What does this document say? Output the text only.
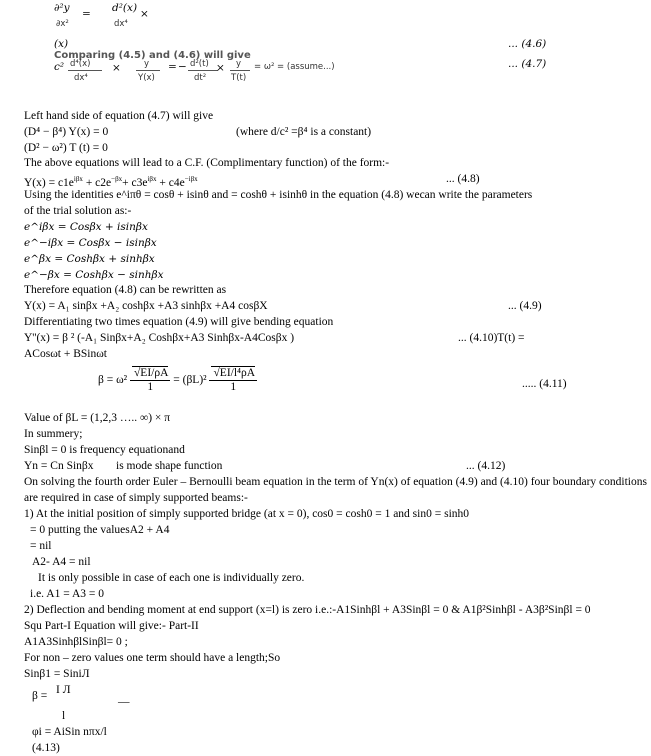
∂²y
∂x²
= d²(x)
dx⁴
×
(x)	... (4.6)
Comparing (4.5) and (4.6) will give
c² d⁴(x)
dx⁴
×	y
Y(x)
= − d²(t)
dt²
× y
T(t)
= ω² = (assume...)	... (4.7)
Left hand side of equation (4.7) will give
(D⁴ − β⁴) Y(x) = 0	(where d/c² =β⁴ is a constant)
(D² − ω²) T (t) = 0
The above equations will lead to a C.F. (Complimentary function) of the form:-
$Y(x) = c1e^{i\beta x} + c2e^{-\beta x}+ c3e^{i\beta x} + c4e^{-i\beta x}$	... (4.8)
Using the identities e^iπθ = cosθ + isinθ and = coshθ + isinhθ in the equation (4.8) wecan write the parameters
of the trial solution as:-
e^iβx = Cosβx + isinβx
e^−iβx = Cosβx − isinβx
e^βx = Coshβx + sinhβx
e^−βx = Coshβx − sinhβx
Therefore equation (4.8) can be rewritten as
Y(x) = A₁ sinβx +A₂ coshβx +A3 sinhβx +A4 cosβX	... (4.9)
Differentiating two times equation (4.9) will give bending equation
Y''(x) = β ² (-A₁ Sinβx+A₂ Coshβx+A3 Sinhβx-A4Cosβx )	... (4.10)T(t) =
ACosωt + BSinωt
$\beta = \omega^2 \frac{√EI/\rho A}{1} = (\beta L)^2 \frac{\text{√EI/l⁴ρA}}{1}$	..... (4.11)
Value of βL = (1,2,3 ….. ∞) × π
In summery;
Sinβl = 0 is frequency equationand
Yn = Cn Sinβx is mode shape function	... (4.12)
On solving the fourth order Euler – Bernoulli beam equation in the term of Yn(x) of equation (4.9) and (4.10) four boundary conditions
are required in case of simply supported beams:-
1) At the initial position of simply supported bridge (at x = 0), cos0 = cosh0 = 1 and sin0 = sinh0
= 0 putting the valuesA2 + A4
= nil
A2- A4 = nil
It is only possible in case of each one is individually zero.
i.e. A1 = A3 = 0
2) Deflection and bending moment at end support (x=l) is zero i.e.:-A1Sinhβl + A3Sinβl = 0 & A1β²Sinhβl - A3β²Sinβl = 0
Squ Part-I Equation will give:- Part-II
A1A3SinhβlSinβl= 0 ;
For non – zero values one term should have a length;So
Sinβ1 = SiniЛ
β = I Л
—
l
φi = AiSin nπx/l
(4.13)
